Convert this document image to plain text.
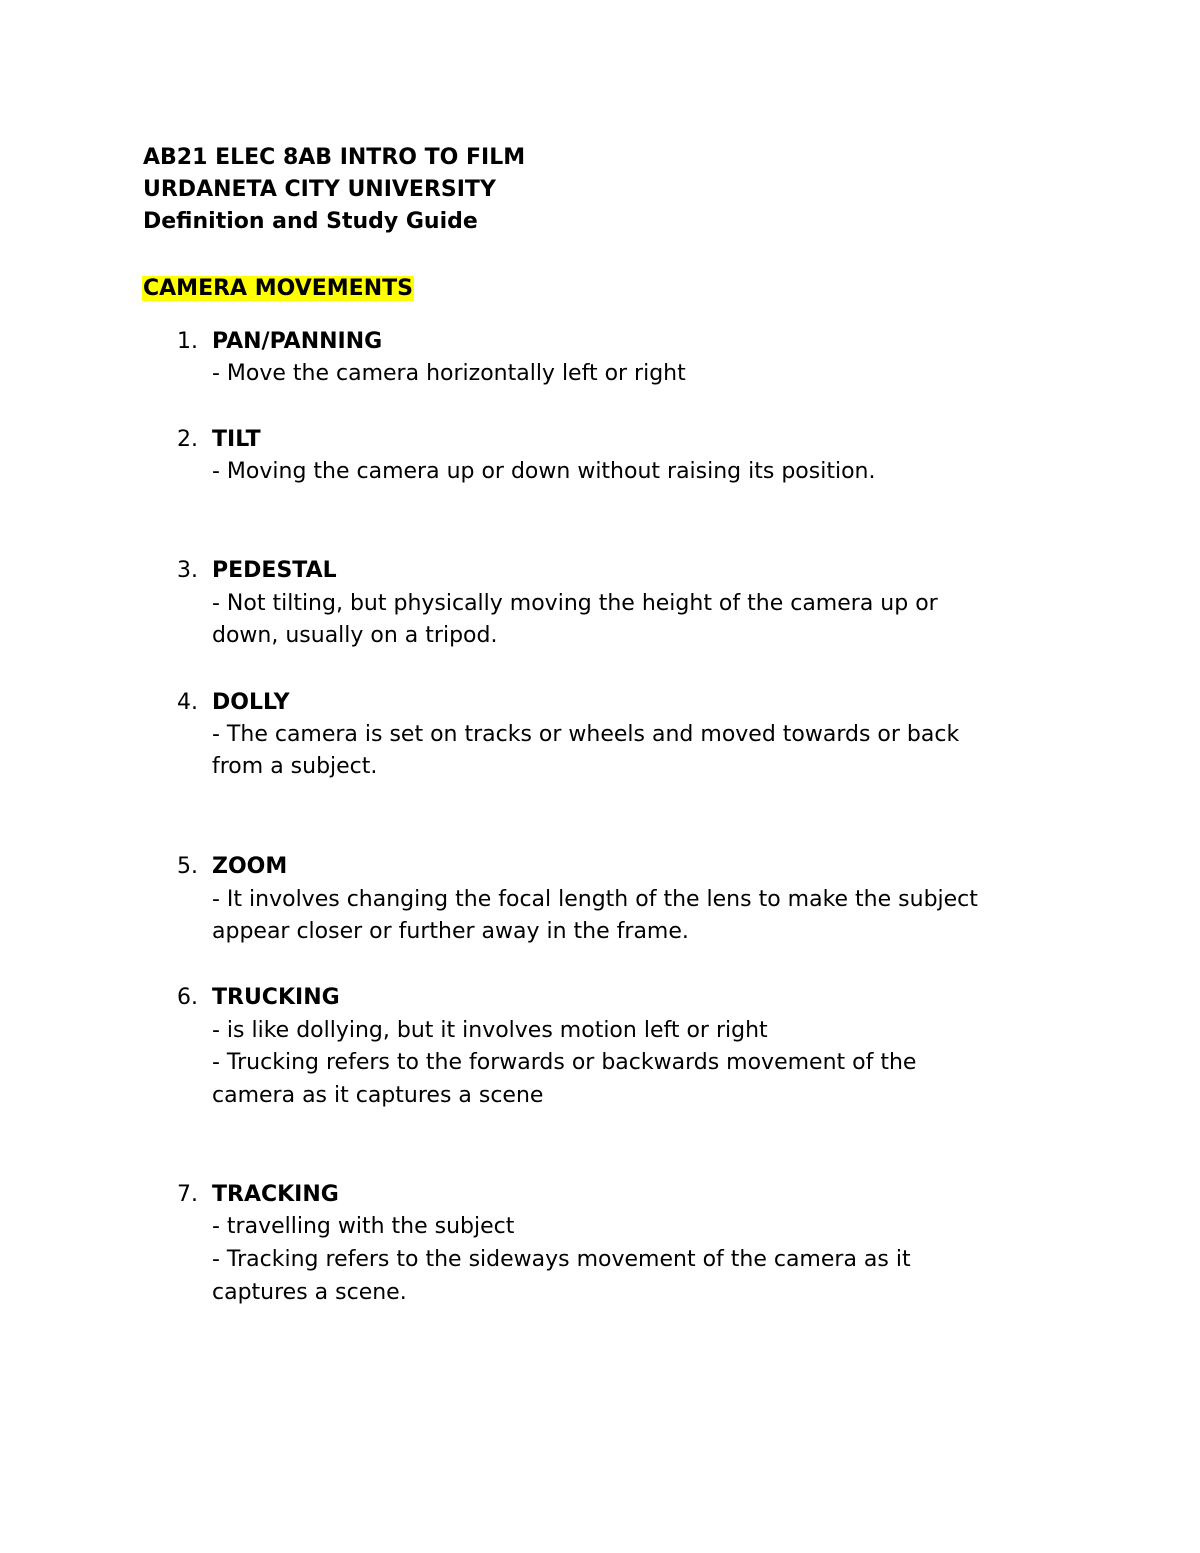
AB21 ELEC 8AB INTRO TO FILM
URDANETA CITY UNIVERSITY
Definition and Study Guide
CAMERA MOVEMENTS
1. PAN/PANNING
- Move the camera horizontally left or right
2. TILT
- Moving the camera up or down without raising its position.
3. PEDESTAL
- Not tilting, but physically moving the height of the camera up or
down, usually on a tripod.
4. DOLLY
- The camera is set on tracks or wheels and moved towards or back
from a subject.
5. ZOOM
- It involves changing the focal length of the lens to make the subject
appear closer or further away in the frame.
6. TRUCKING
- is like dollying, but it involves motion left or right
- Trucking refers to the forwards or backwards movement of the
camera as it captures a scene
7. TRACKING
- travelling with the subject
- Tracking refers to the sideways movement of the camera as it
captures a scene.
